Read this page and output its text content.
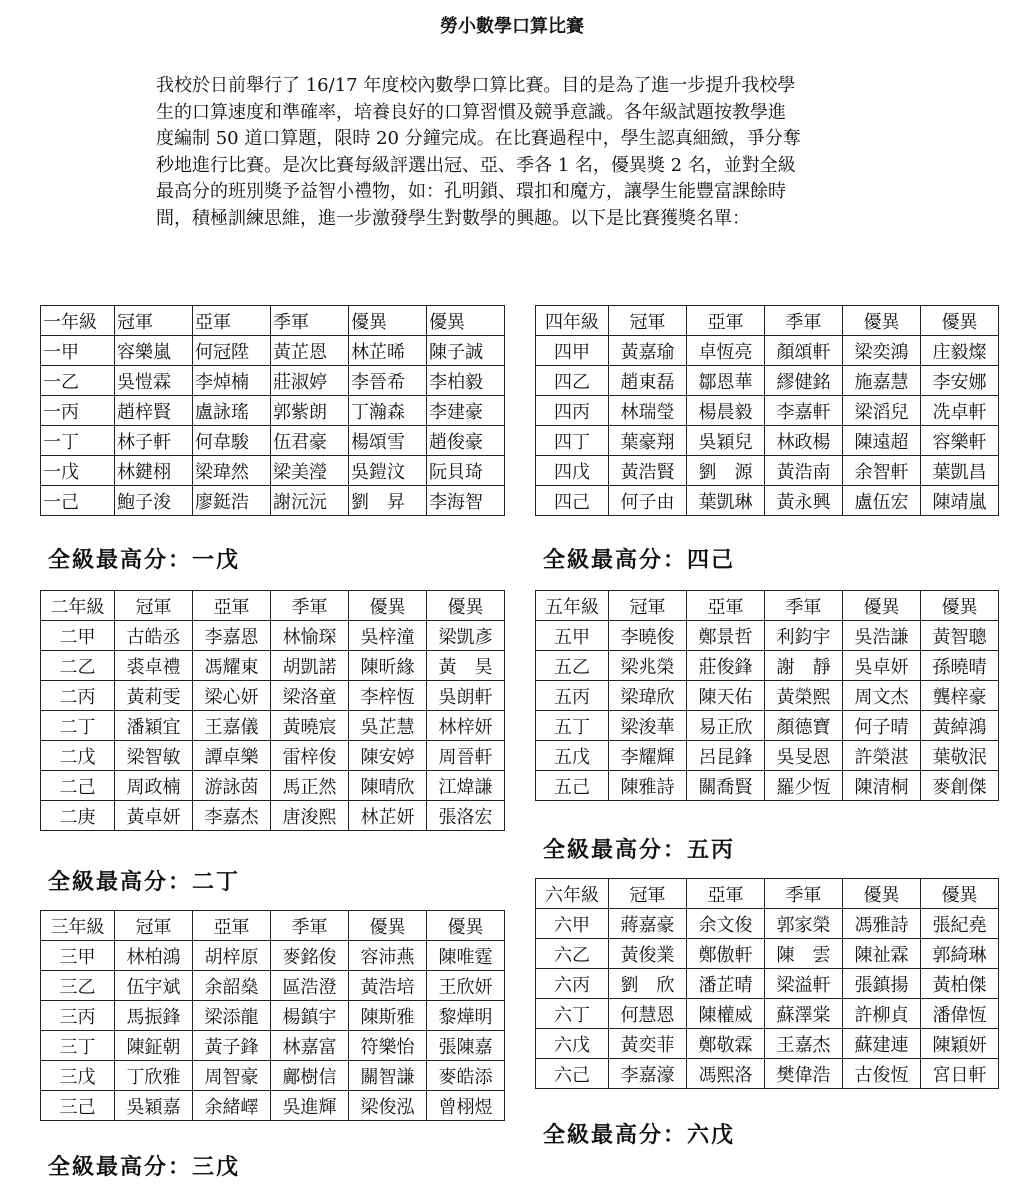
勞小數學口算比賽
我校於日前舉行了 16/17 年度校內數學口算比賽。目的是為了進一步提升我校學
生的口算速度和準確率，培養良好的口算習慣及競爭意識。各年級試題按教學進
度編制 50 道口算題，限時 20 分鐘完成。在比賽過程中，學生認真細緻，爭分奪
秒地進行比賽。是次比賽每級評選出冠、亞、季各 1 名，優異獎 2 名，並對全級
最高分的班別獎予益智小禮物，如：孔明鎖、環扣和魔方，讓學生能豐富課餘時
間，積極訓練思維，進一步激發學生對數學的興趣。以下是比賽獲獎名單：
一年級	冠軍	亞軍	季軍	優異	優異
一甲	容樂嵐	何冠陞	黃芷恩	林芷晞	陳子誠
一乙	吳愷霖	李焯楠	莊淑婷	李晉希	李柏毅
一丙	趙梓賢	盧詠瑤	郭紫朗	丁瀚森	李建豪
一丁	林子軒	何韋駿	伍君豪	楊頌雪	趙俊豪
一戊	林鍵栩	梁瑋然	梁美瀅	吳鎧汶	阮貝琦
一己	鮑子浚	廖鋌浩	謝沅沅	劉　昇	李海智
全級最高分：一戊
二年級	冠軍	亞軍	季軍	優異	優異
二甲	古皓丞	李嘉恩	林愉琛	吳梓潼	梁凱彥
二乙	裘卓禮	馮耀東	胡凱諾	陳昕緣	黃　昊
二丙	黃莉雯	梁心妍	梁洛童	李梓恆	吳朗軒
二丁	潘穎宜	王嘉儀	黃曉宸	吳芷慧	林梓妍
二戊	梁智敏	譚卓樂	雷梓俊	陳安婷	周晉軒
二己	周政楠	游詠茵	馬正然	陳晴欣	江煒謙
二庚	黃卓妍	李嘉杰	唐浚熙	林芷妍	張洛宏
全級最高分：二丁
三年級	冠軍	亞軍	季軍	優異	優異
三甲	林柏鴻	胡梓原	麥銘俊	容沛燕	陳唯霆
三乙	伍宇斌	余韶燊	區浩澄	黃浩培	王欣妍
三丙	馬振鋒	梁添龍	楊鎮宇	陳斯雅	黎燁明
三丁	陳鉦朝	黃子鋒	林嘉富	符樂怡	張陳嘉
三戊	丁欣雅	周智豪	鄺樹信	關智謙	麥皓添
三己	吳穎嘉	余緒嶧	吳進輝	梁俊泓	曾栩煜
全級最高分：三戊
四年級	冠軍	亞軍	季軍	優異	優異
四甲	黃嘉瑜	卓恆亮	顏頌軒	梁奕鴻	庄毅燦
四乙	趙東磊	鄒恩華	繆健銘	施嘉慧	李安娜
四丙	林瑞瑩	楊晨毅	李嘉軒	梁滔兒	冼卓軒
四丁	葉豪翔	吳穎兒	林政楊	陳遠超	容樂軒
四戊	黃浩賢	劉　源	黃浩南	余智軒	葉凱昌
四己	何子由	葉凱琳	黃永興	盧伍宏	陳靖嵐
全級最高分：四己
五年級	冠軍	亞軍	季軍	優異	優異
五甲	李曉俊	鄭景哲	利鈞宇	吳浩謙	黃智聰
五乙	梁兆榮	莊俊鋒	謝　靜	吳卓妍	孫曉晴
五丙	梁瑋欣	陳天佑	黃榮熙	周文杰	龔梓豪
五丁	梁浚華	易正欣	顏德寶	何子晴	黃綽鴻
五戊	李耀輝	呂昆鋒	吳旻恩	許榮湛	葉敬泯
五己	陳雅詩	關喬賢	羅少恆	陳清桐	麥創傑
全級最高分：五丙
六年級	冠軍	亞軍	季軍	優異	優異
六甲	蔣嘉豪	余文俊	郭家榮	馮雅詩	張紀堯
六乙	黃俊業	鄭傲軒	陳　雲	陳祉霖	郭綺琳
六丙	劉　欣	潘芷晴	梁溢軒	張鎮揚	黃柏傑
六丁	何慧恩	陳權威	蘇澤棠	許柳貞	潘偉恆
六戊	黃奕菲	鄭敬霖	王嘉杰	蘇建連	陳穎妍
六己	李嘉濠	馮熙洛	樊偉浩	古俊恆	宮日軒
全級最高分：六戊
